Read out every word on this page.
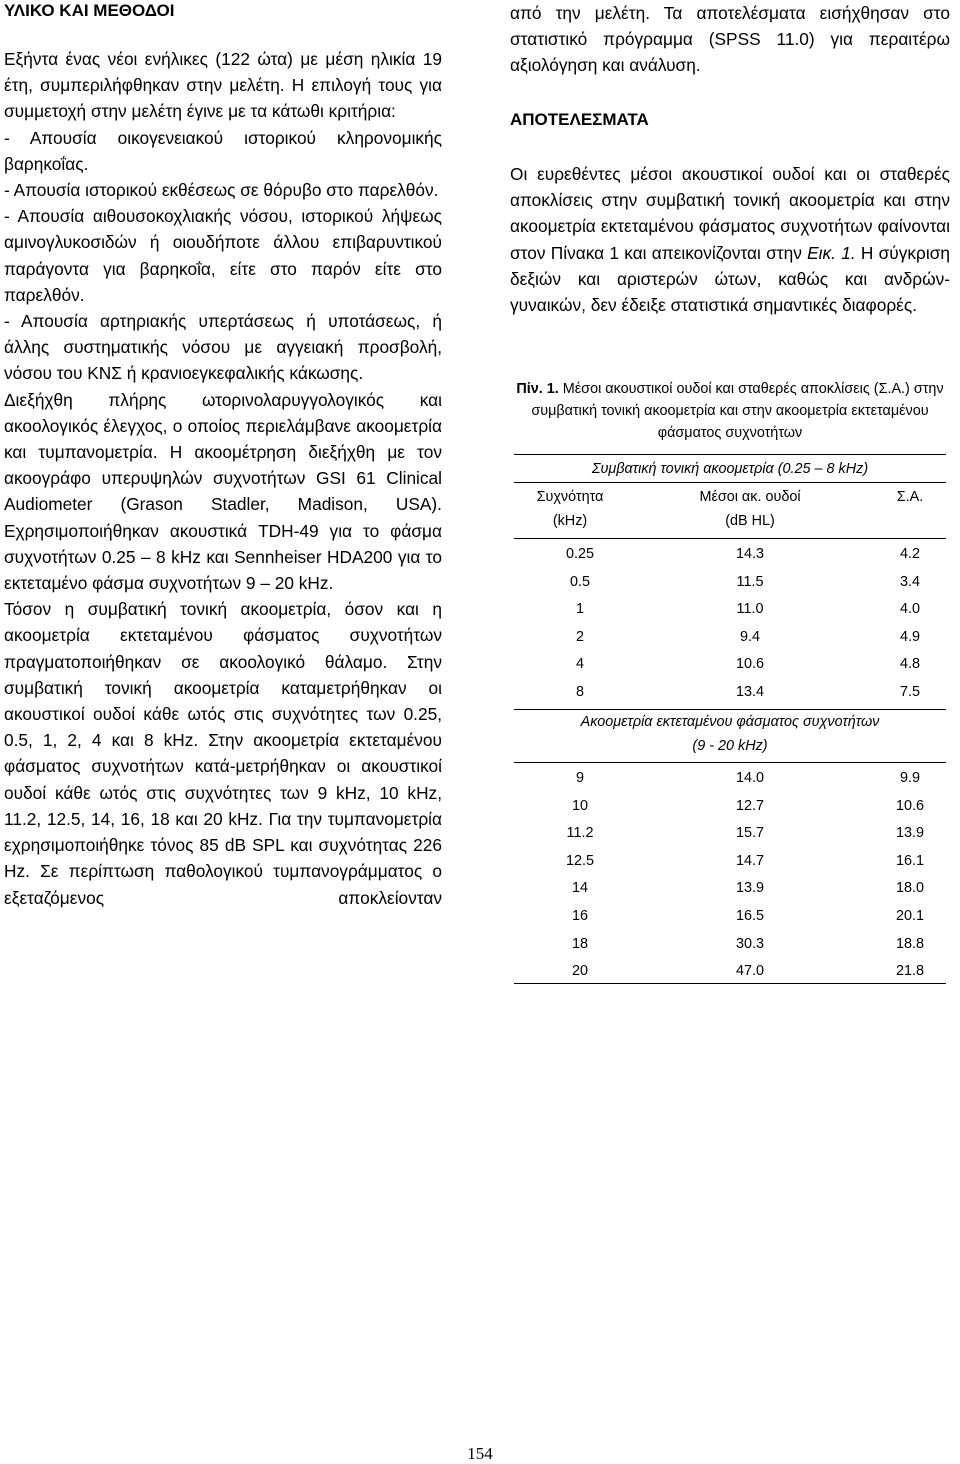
ΥΛΙΚΟ ΚΑΙ ΜΕΘΟΔΟΙ

Εξήντα ένας νέοι ενήλικες (122 ώτα) με μέση ηλικία 19 έτη, συμπεριλήφθηκαν στην μελέτη. Η επιλογή τους για συμμετοχή στην μελέτη έγινε με τα κάτωθι κριτήρια:

- Απουσία οικογενειακού ιστορικού κληρονομικής βαρηκοΐας.

- Απουσία ιστορικού εκθέσεως σε θόρυβο στο παρελθόν.

- Απουσία αιθουσοκοχλιακής νόσου, ιστορικού λήψεως αμινογλυκοσιδών ή οιουδήποτε άλλου επιβαρυντικού παράγοντα για βαρηκοΐα, είτε στο παρόν είτε στο παρελθόν.

- Απουσία αρτηριακής υπερτάσεως ή υποτάσεως, ή άλλης συστηματικής νόσου με αγγειακή προσβολή, νόσου του ΚΝΣ ή κρανιοεγκεφαλικής κάκωσης.

Διεξήχθη πλήρης ωτορινολαρυγγολογικός και ακοολογικός έλεγχος, ο οποίος περιελάμβανε ακοομετρία και τυμπανομετρία. Η ακοομέτρηση διεξήχθη με τον ακοογράφο υπερυψηλών συχνοτήτων GSI 61 Clinical Audiometer (Grason Stadler, Madison, USA). Εχρησιμοποιήθηκαν ακουστικά TDH-49 για το φάσμα συχνοτήτων 0.25 – 8 kHz και Sennheiser HDA200 για το εκτεταμένο φάσμα συχνοτήτων 9 – 20 kHz.

Τόσον η συμβατική τονική ακοομετρία, όσον και η ακοομετρία εκτεταμένου φάσματος συχνοτήτων πραγματοποιήθηκαν σε ακοολογικό θάλαμο. Στην συμβατική τονική ακοομετρία καταμετρήθηκαν οι ακουστικοί ουδοί κάθε ωτός στις συχνότητες των 0.25, 0.5, 1, 2, 4 και 8 kHz. Στην ακοομετρία εκτεταμένου φάσματος συχνοτήτων κατά-μετρήθηκαν οι ακουστικοί ουδοί κάθε ωτός στις συχνότητες των 9 kHz, 10 kHz, 11.2, 12.5, 14, 16, 18 και 20 kHz. Για την τυμπανομετρία εχρησιμοποιήθηκε τόνος 85 dB SPL και συχνότητας 226 Hz. Σε περίπτωση παθολογικού τυμπανογράμματος ο εξεταζόμενος αποκλείονταν

από την μελέτη. Τα αποτελέσματα εισήχθησαν στο στατιστικό πρόγραμμα (SPSS 11.0) για περαιτέρω αξιολόγηση και ανάλυση.

ΑΠΟΤΕΛΕΣΜΑΤΑ

Οι ευρεθέντες μέσοι ακουστικοί ουδοί και οι σταθερές αποκλίσεις στην συμβατική τονική ακοομετρία και στην ακοομετρία εκτεταμένου φάσματος συχνοτήτων φαίνονται στον Πίνακα 1 και απεικονίζονται στην Εικ. 1. Η σύγκριση δεξιών και αριστερών ώτων, καθώς και ανδρών-γυναικών, δεν έδειξε στατιστικά σημαντικές διαφορές.

Πίν. 1. Μέσοι ακουστικοί ουδοί και σταθερές αποκλίσεις (Σ.Α.) στην συμβατική τονική ακοομετρία και στην ακοομετρία εκτεταμένου φάσματος συχνοτήτων

Συμβατική τονική ακοομετρία (0.25 – 8 kHz)

Συχνότητα
(kHz)
Μέσοι ακ. ουδοί
(dB HL)
Σ.Α.
0.25	14.3	4.2
0.5	11.5	3.4
1	11.0	4.0
2	9.4	4.9
4	10.6	4.8
8	13.4	7.5

Ακοομετρία εκτεταμένου φάσματος συχνοτήτων

(9 - 20 kHz)

9	14.0	9.9
10	12.7	10.6
11.2	15.7	13.9
12.5	14.7	16.1
14	13.9	18.0
16	16.5	20.1
18	30.3	18.8
20	47.0	21.8
154
